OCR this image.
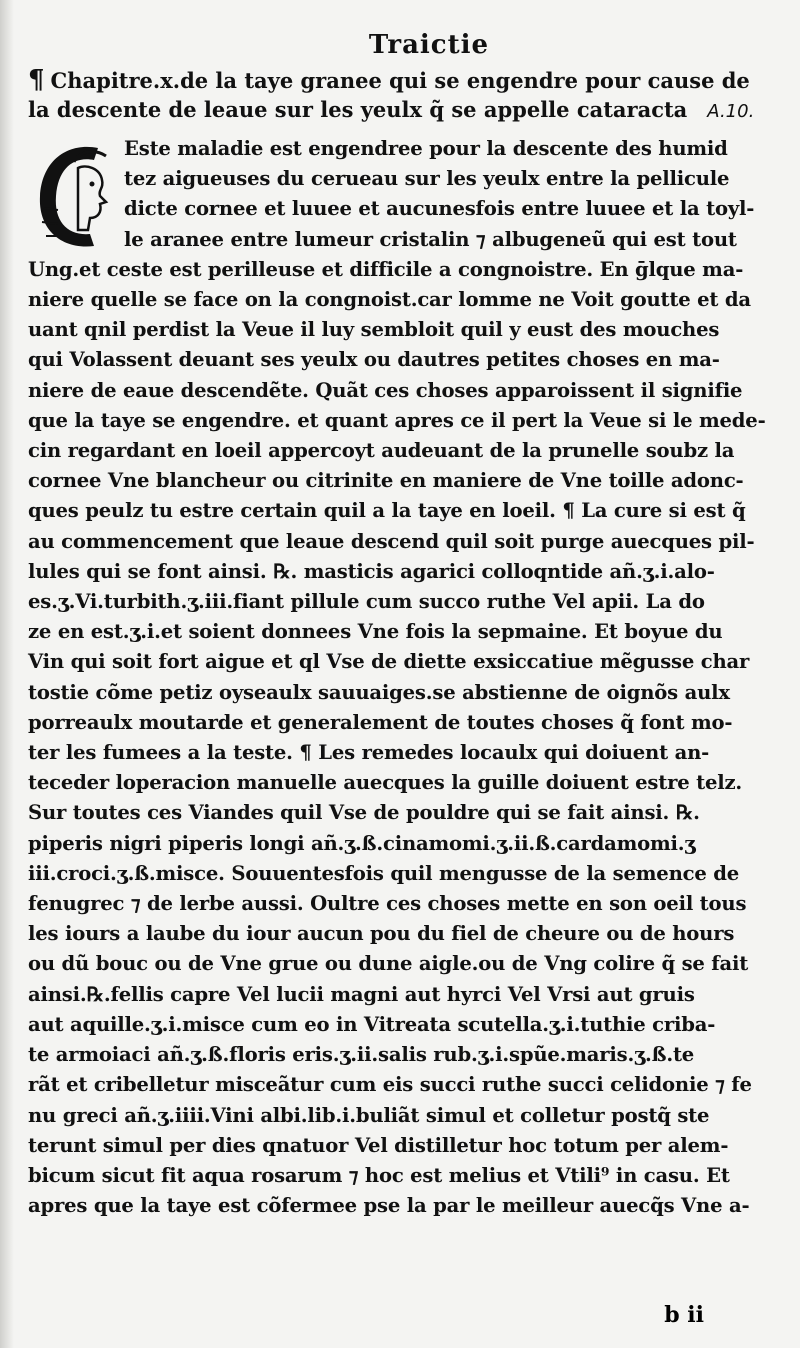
Traictie
¶ Chapitre.x.de la taye granee qui se engendre pour cause de
la descente de leaue sur les yeulx q̃ se appelle cataracta A.10.
Este maladie est engendree pour la descente des humid
tez aigueuses du cerueau sur les yeulx entre la pellicule
dicte cornee et luuee et aucunesfois entre luuee et la toyl-
le aranee entre lumeur cristalin ⁊ albugeneũ qui est tout
Ung.et ceste est perilleuse et difficile a congnoistre. En ḡlque ma-
niere quelle se face on la congnoist.car lomme ne Voit goutte et da
uant qnil perdist la Veue il luy sembloit quil y eust des mouches
qui Volassent deuant ses yeulx ou dautres petites choses en ma-
niere de eaue descendẽte. Quãt ces choses apparoissent il signifie
que la taye se engendre. et quant apres ce il pert la Veue si le mede-
cin regardant en loeil appercoyt audeuant de la prunelle soubz la
cornee Vne blancheur ou citrinite en maniere de Vne toille adonc-
ques peulz tu estre certain quil a la taye en loeil. ¶ La cure si est q̃
au commencement que leaue descend quil soit purge auecques pil-
lules qui se font ainsi. ℞. masticis agarici colloqntide añ.ʒ.i.alo-
es.ʒ.Vi.turbith.ʒ.iii.fiant pillule cum succo ruthe Vel apii. La do
ze en est.ʒ.i.et soient donnees Vne fois la sepmaine. Et boyue du
Vin qui soit fort aigue et ql Vse de diette exsiccatiue mẽgusse char
tostie cõme petiz oyseaulx sauuaiges.se abstienne de oignõs aulx
porreaulx moutarde et generalement de toutes choses q̃ font mo-
ter les fumees a la teste. ¶ Les remedes locaulx qui doiuent an-
teceder loperacion manuelle auecques la guille doiuent estre telz.
Sur toutes ces Viandes quil Vse de pouldre qui se fait ainsi. ℞.
piperis nigri piperis longi añ.ʒ.ß.cinamomi.ʒ.ii.ß.cardamomi.ʒ
iii.croci.ʒ.ß.misce. Souuentesfois quil mengusse de la semence de
fenugrec ⁊ de lerbe aussi. Oultre ces choses mette en son oeil tous
les iours a laube du iour aucun pou du fiel de cheure ou de hours
ou dũ bouc ou de Vne grue ou dune aigle.ou de Vng colire q̃ se fait
ainsi.℞.fellis capre Vel lucii magni aut hyrci Vel Vrsi aut gruis
aut aquille.ʒ.i.misce cum eo in Vitreata scutella.ʒ.i.tuthie criba-
te armoiaci añ.ʒ.ß.floris eris.ʒ.ii.salis rub.ʒ.i.spũe.maris.ʒ.ß.te
rãt et cribelletur misceãtur cum eis succi ruthe succi celidonie ⁊ fe
nu greci añ.ʒ.iiii.Vini albi.lib.i.buliãt simul et colletur postq̃ ste
terunt simul per dies qnatuor Vel distilletur hoc totum per alem-
bicum sicut fit aqua rosarum ⁊ hoc est melius et Vtili⁹ in casu. Et
apres que la taye est cõfermee pse la par le meilleur auecq̃s Vne a-
b ii
